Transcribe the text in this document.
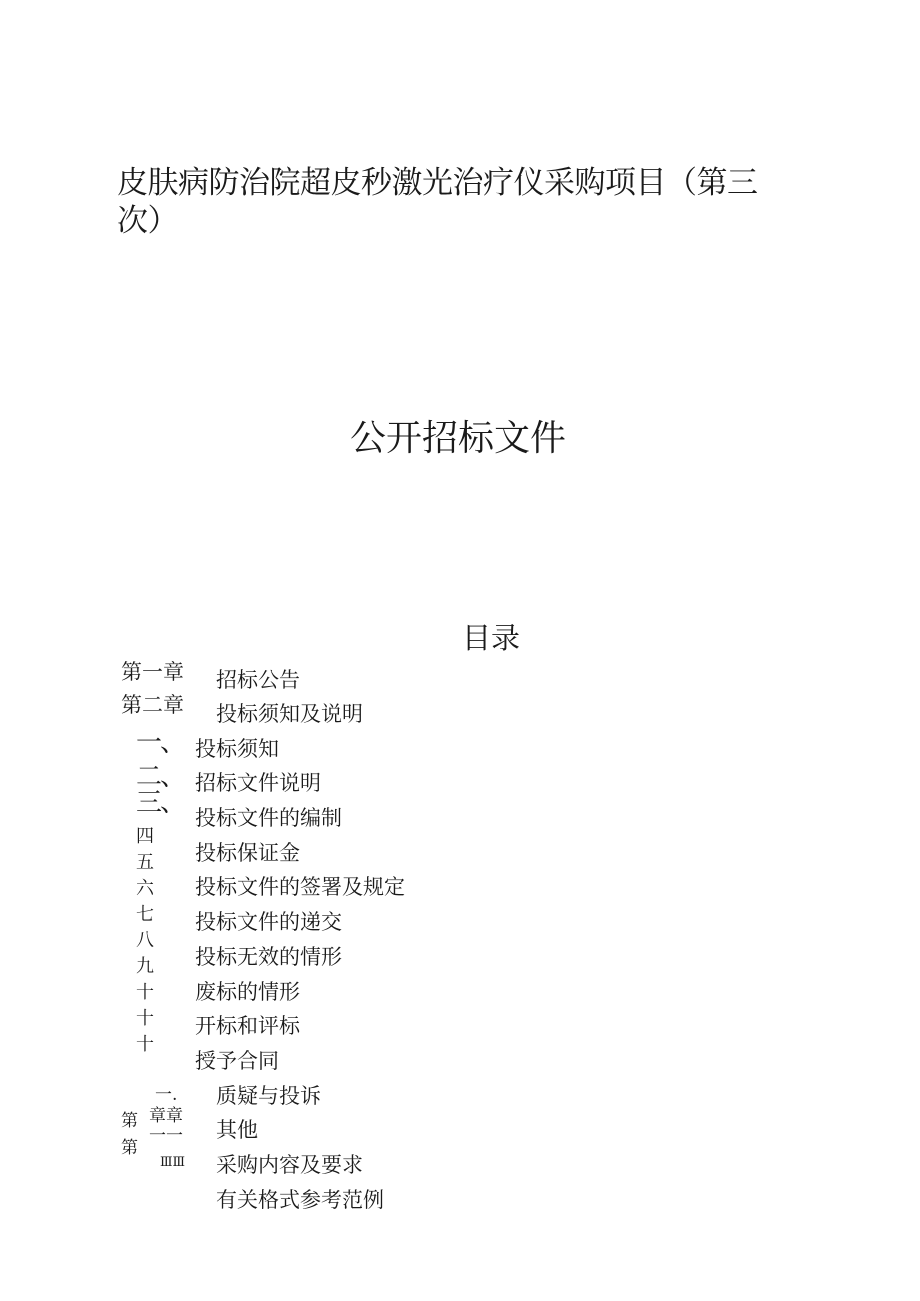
皮肤病防治院超皮秒激光治疗仪采购项目（第三
次）
公开招标文件
目录
第一章 招标公告
第二章 投标须知及说明
一、
二、
三、
四
五
六
七
八
九
十
十
十
投标须知
招标文件说明
投标文件的编制
投标保证金
投标文件的签署及规定
投标文件的递交
投标无效的情形
废标的情形
开标和评标
授予合同
一.
第 章章
第
一一
ⅢⅢ
质疑与投诉
其他
采购内容及要求
有关格式参考范例
